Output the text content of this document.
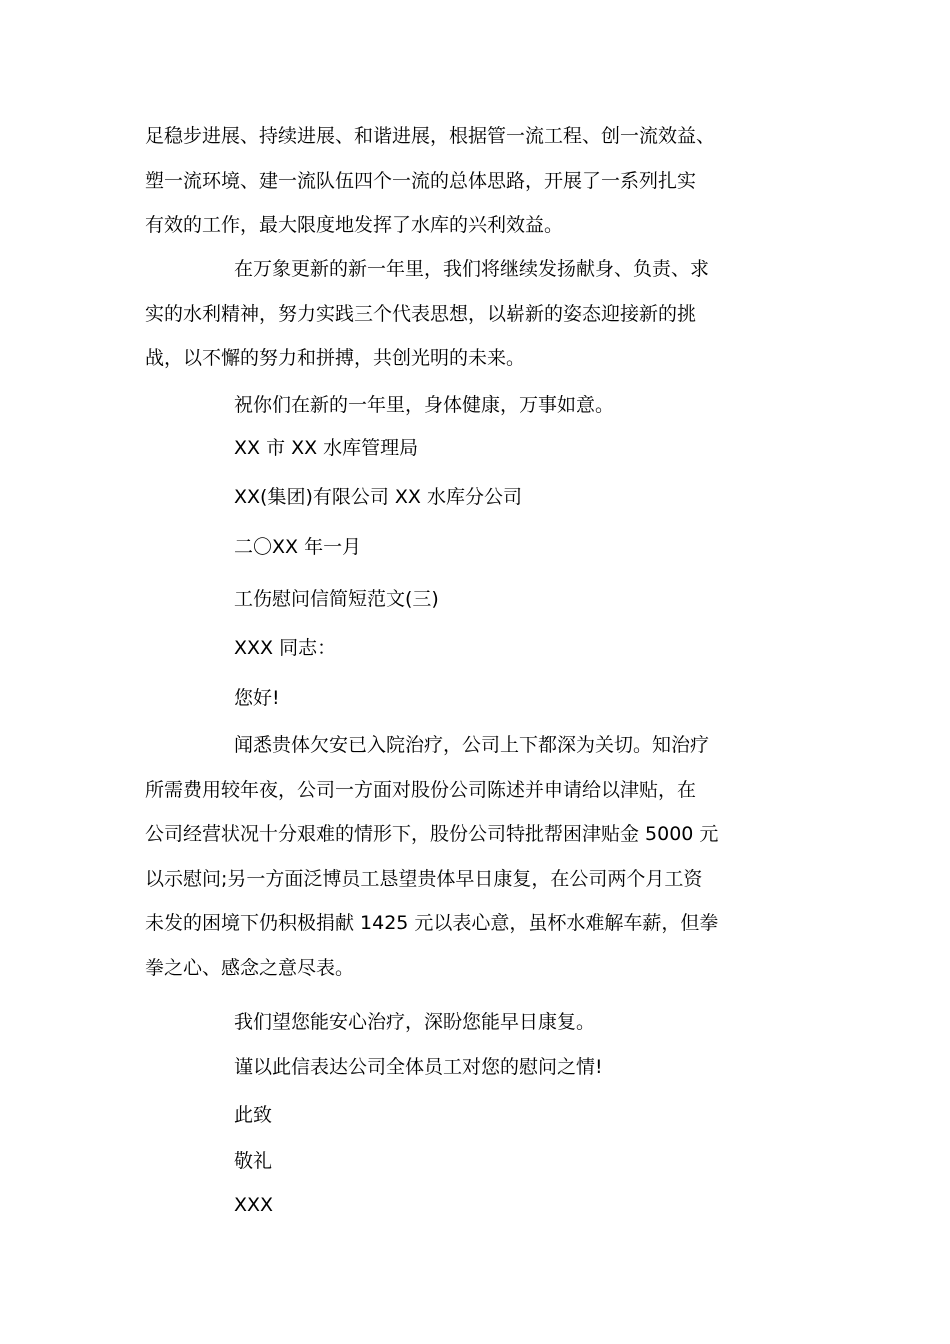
足稳步进展、持续进展、和谐进展，根据管一流工程、创一流效益、
塑一流环境、建一流队伍四个一流的总体思路，开展了一系列扎实
有效的工作，最大限度地发挥了水库的兴利效益。
在万象更新的新一年里，我们将继续发扬献身、负责、求
实的水利精神，努力实践三个代表思想，以崭新的姿态迎接新的挑
战，以不懈的努力和拼搏，共创光明的未来。
祝你们在新的一年里，身体健康，万事如意。
XX 市 XX 水库管理局
XX(集团)有限公司 XX 水库分公司
二〇XX 年一月
工伤慰问信简短范文(三)
XXX 同志：
您好!
闻悉贵体欠安已入院治疗，公司上下都深为关切。知治疗
所需费用较年夜，公司一方面对股份公司陈述并申请给以津贴，在
公司经营状况十分艰难的情形下，股份公司特批帮困津贴金 5000 元
以示慰问;另一方面泛博员工恳望贵体早日康复，在公司两个月工资
未发的困境下仍积极捐献 1425 元以表心意，虽杯水难解车薪，但拳
拳之心、感念之意尽表。
我们望您能安心治疗，深盼您能早日康复。
谨以此信表达公司全体员工对您的慰问之情!
此致
敬礼
XXX
